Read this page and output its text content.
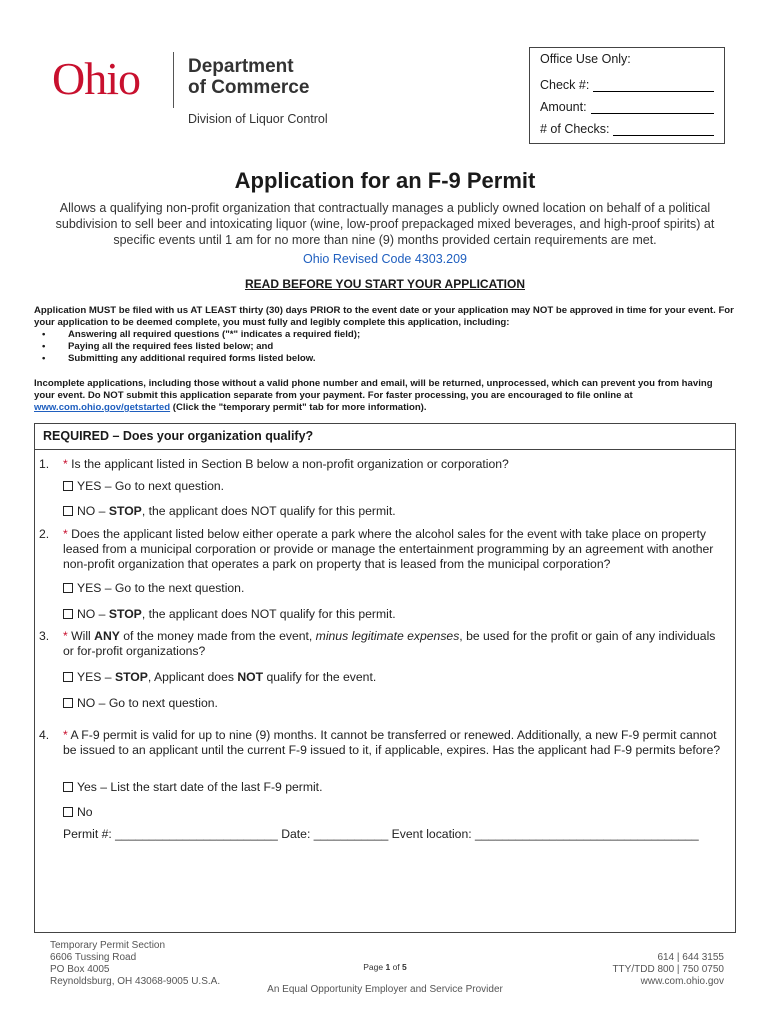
Ohio	Department
of Commerce
Division of Liquor Control
Office Use Only:
Check #:
Amount:
# of Checks:
Application for an F-9 Permit
Allows a qualifying non-profit organization that contractually manages a publicly owned location on behalf of a political subdivision to sell beer and intoxicating liquor (wine, low-proof prepackaged mixed beverages, and high-proof spirits) at specific events until 1 am for no more than nine (9) months provided certain requirements are met.
Ohio Revised Code 4303.209
READ BEFORE YOU START YOUR APPLICATION
Application MUST be filed with us AT LEAST thirty (30) days PRIOR to the event date or your application may NOT be approved in time for your event. For your application to be deemed complete, you must fully and legibly complete this application, including:
• Answering all required questions ("*" indicates a required field);
• Paying all the required fees listed below; and
• Submitting any additional required forms listed below.
Incomplete applications, including those without a valid phone number and email, will be returned, unprocessed, which can prevent you from having your event. Do NOT submit this application separate from your payment. For faster processing, you are encouraged to file online at
www.com.ohio.gov/getstarted (Click the "temporary permit" tab for more information).
REQUIRED – Does your organization qualify?
1. * Is the applicant listed in Section B below a non-profit organization or corporation?
YES – Go to next question.
NO – STOP, the applicant does NOT qualify for this permit.
2. * Does the applicant listed below either operate a park where the alcohol sales for the event with take place on property leased from a municipal corporation or provide or manage the entertainment programming by an agreement with another non-profit organization that operates a park on property that is leased from the municipal corporation?
YES – Go to the next question.
NO – STOP, the applicant does NOT qualify for this permit.
3. * Will ANY of the money made from the event, minus legitimate expenses, be used for the profit or gain of any individuals or for-profit organizations?
YES – STOP, Applicant does NOT qualify for the event.
NO – Go to next question.
4. * A F-9 permit is valid for up to nine (9) months. It cannot be transferred or renewed. Additionally, a new F-9 permit cannot be issued to an applicant until the current F-9 issued to it, if applicable, expires. Has the applicant had F-9 permits before?
Yes – List the start date of the last F-9 permit.
No
Permit #: ________________________ Date: ___________ Event location: _________________________________
Temporary Permit Section
6606 Tussing Road
PO Box 4005
Reynoldsburg, OH 43068-9005 U.S.A.
Page 1 of 5
An Equal Opportunity Employer and Service Provider
614 | 644 3155
TTY/TDD 800 | 750 0750
www.com.ohio.gov
